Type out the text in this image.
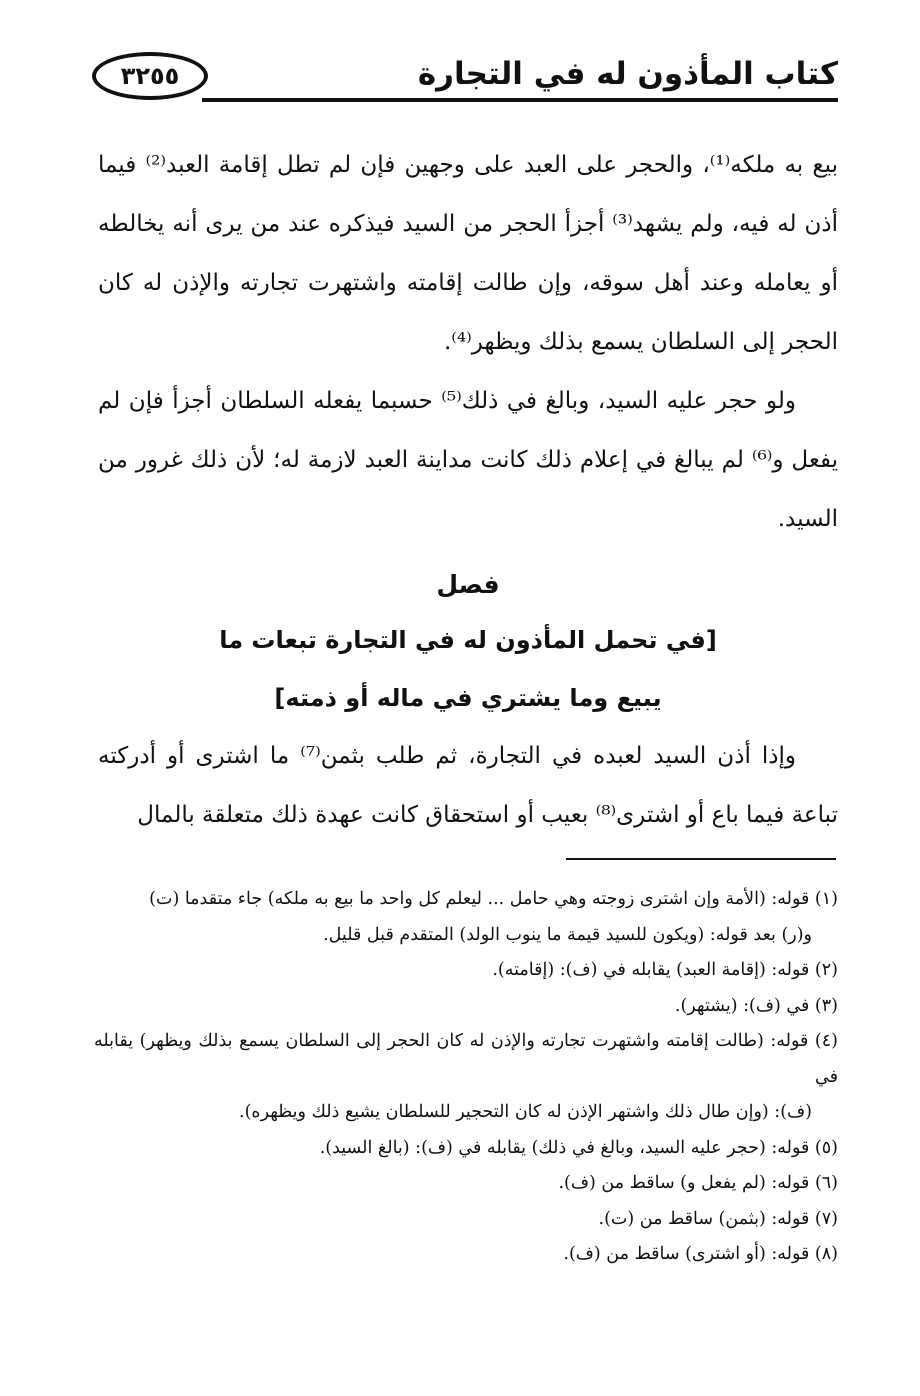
كتاب المأذون له في التجارة
٣٢٥٥

بيع به ملكه⁽¹⁾، والحجر على العبد على وجهين فإن لم تطل إقامة العبد⁽²⁾ فيما أذن له فيه، ولم يشهد⁽³⁾ أجزأ الحجر من السيد فيذكره عند من يرى أنه يخالطه أو يعامله وعند أهل سوقه، وإن طالت إقامته واشتهرت تجارته والإذن له كان الحجر إلى السلطان يسمع بذلك ويظهر⁽⁴⁾.

ولو حجر عليه السيد، وبالغ في ذلك⁽⁵⁾ حسبما يفعله السلطان أجزأ فإن لم يفعل و⁽⁶⁾ لم يبالغ في إعلام ذلك كانت مداينة العبد لازمة له؛ لأن ذلك غرور من السيد.

فصل

[في تحمل المأذون له في التجارة تبعات ما

يبيع وما يشتري في ماله أو ذمته]

وإذا أذن السيد لعبده في التجارة، ثم طلب بثمن⁽⁷⁾ ما اشترى أو أدركته تباعة فيما باع أو اشترى⁽⁸⁾ بعيب أو استحقاق كانت عهدة ذلك متعلقة بالمال

(١) قوله: (الأمة وإن اشترى زوجته وهي حامل ... ليعلم كل واحد ما بيع به ملكه) جاء متقدما (ت)

و(ر) بعد قوله: (ويكون للسيد قيمة ما ينوب الولد) المتقدم قبل قليل.

(٢) قوله: (إقامة العبد) يقابله في (ف): (إقامته).

(٣) في (ف): (يشتهر).

(٤) قوله: (طالت إقامته واشتهرت تجارته والإذن له كان الحجر إلى السلطان يسمع بذلك ويظهر) يقابله في

(ف): (وإن طال ذلك واشتهر الإذن له كان التحجير للسلطان يشيع ذلك ويظهره).

(٥) قوله: (حجر عليه السيد، وبالغ في ذلك) يقابله في (ف): (بالغ السيد).

(٦) قوله: (لم يفعل و) ساقط من (ف).

(٧) قوله: (بثمن) ساقط من (ت).

(٨) قوله: (أو اشترى) ساقط من (ف).
